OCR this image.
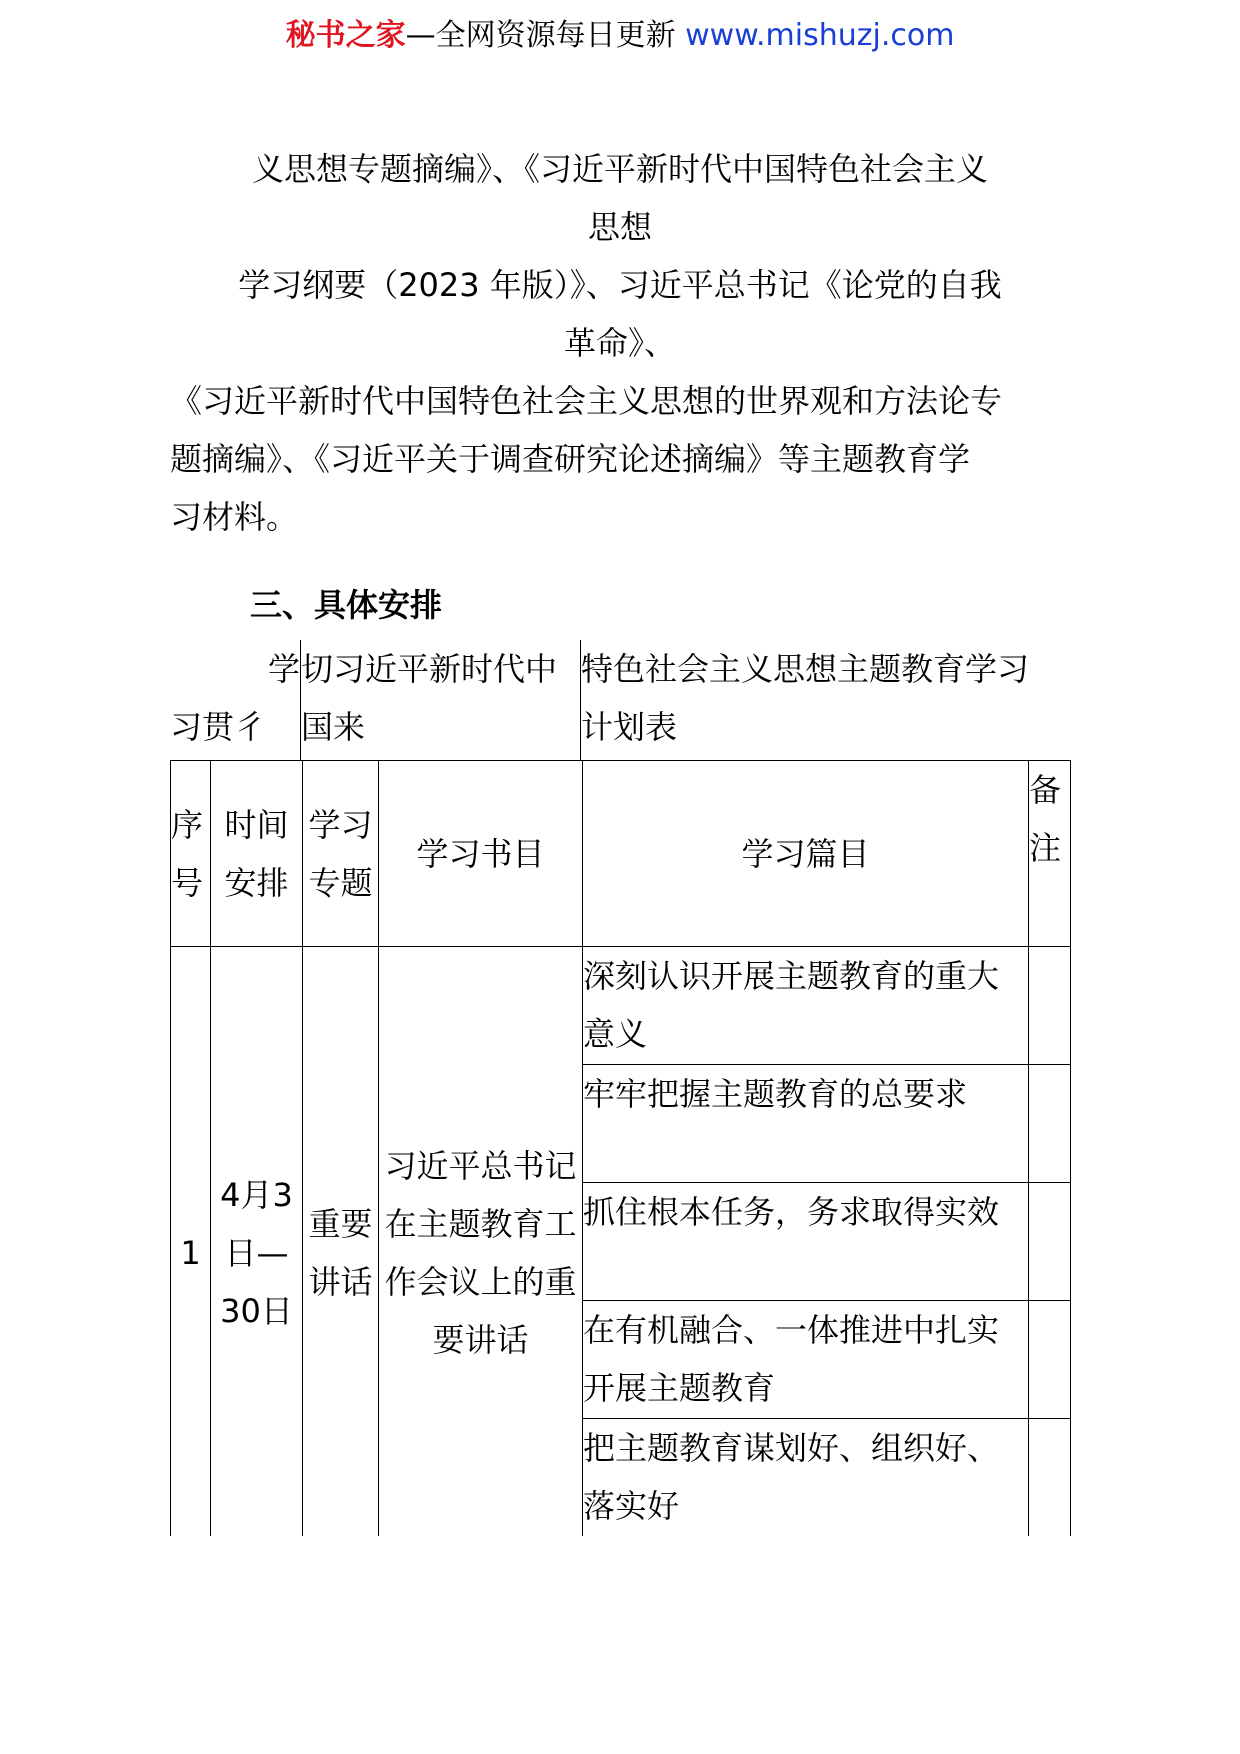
秘书之家—全网资源每日更新 www.mishuzj.com
义思想专题摘编》、《习近平新时代中国特色社会主义
思想
学习纲要（2023 年版）》、习近平总书记《论党的自我
革命》、
《习近平新时代中国特色社会主义思想的世界观和方法论专
题摘编》、《习近平关于调查研究论述摘编》等主题教育学
习材料。
三、具体安排
学
习贯彳
切习近平新时代中
国来
特色社会主义思想主题教育学习
计划表
序号	时间安排	学习专题	学习书目	学习篇目	备注
1	4月3日—30日	重要讲话	习近平总书记在主题教育工作会议上的重要讲话	深刻认识开展主题教育的重大意义	
				牢牢把握主题教育的总要求	
				抓住根本任务，务求取得实效	
				在有机融合、一体推进中扎实开展主题教育	
				把主题教育谋划好、组织好、落实好	
